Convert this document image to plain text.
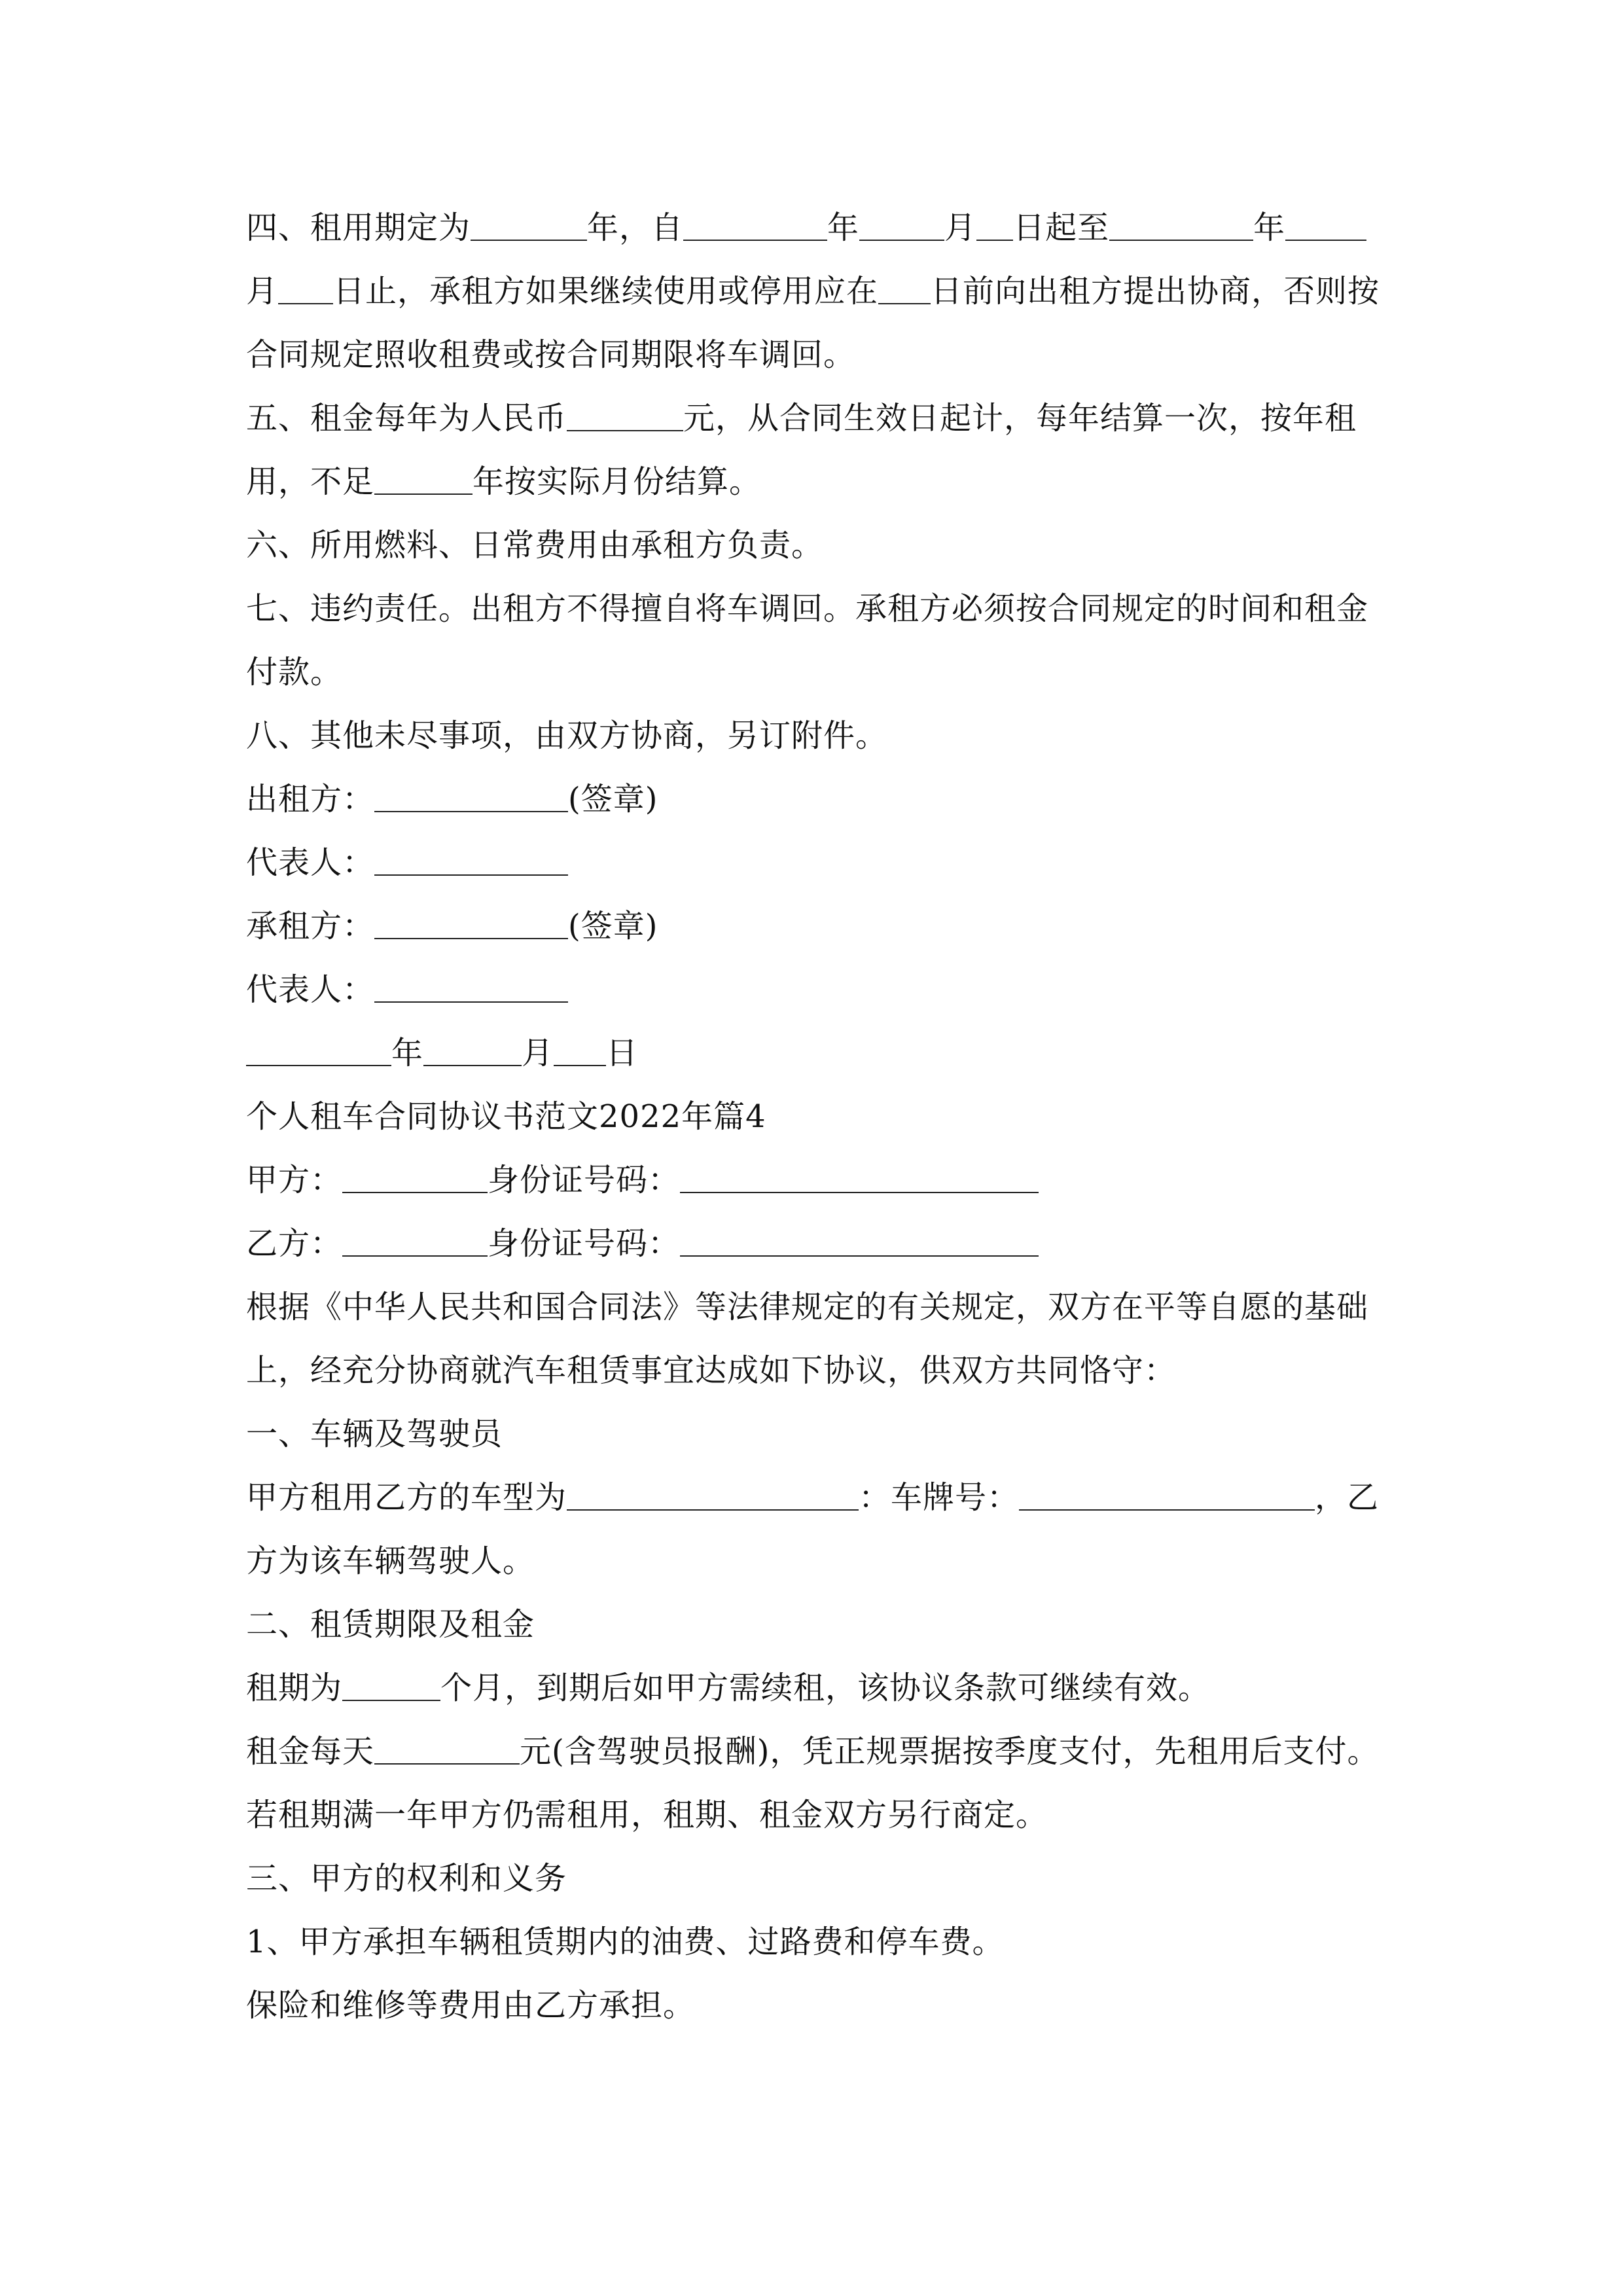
四、租用期定为	年，自	年	月 日起至	年
月 日止，承租方如果继续使用或停用应在 日前向出租方提出协商，否则按
合同规定照收租费或按合同期限将车调回。
五、租金每年为人民币	元，从合同生效日起计，每年结算一次，按年租
用，不足	年按实际月份结算。
六、所用燃料、日常费用由承租方负责。
七、违约责任。出租方不得擅自将车调回。承租方必须按合同规定的时间和租金
付款。
八、其他未尽事项，由双方协商，另订附件。
出租方：	(签章)
代表人：
承租方：	(签章)
代表人：
年	月 日
个人租车合同协议书范文2022年篇4
甲方：	身份证号码：
乙方：	身份证号码：
根据《中华人民共和国合同法》等法律规定的有关规定，双方在平等自愿的基础
上，经充分协商就汽车租赁事宜达成如下协议，供双方共同恪守：
一、车辆及驾驶员
甲方租用乙方的车型为	：车牌号：	，乙
方为该车辆驾驶人。
二、租赁期限及租金
租期为	个月，到期后如甲方需续租，该协议条款可继续有效。
租金每天	元(含驾驶员报酬)，凭正规票据按季度支付，先租用后支付。
若租期满一年甲方仍需租用，租期、租金双方另行商定。
三、甲方的权利和义务
1、甲方承担车辆租赁期内的油费、过路费和停车费。
保险和维修等费用由乙方承担。
